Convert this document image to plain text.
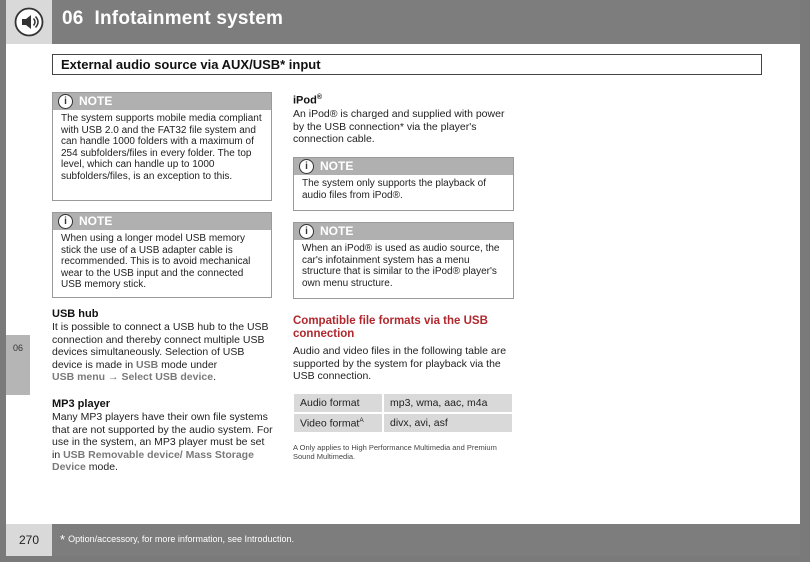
06 Infotainment system
External audio source via AUX/USB* input
06
i	NOTE
The system supports mobile media compliant with USB 2.0 and the FAT32 file system and can handle 1000 folders with a maximum of 254 subfolders/files in every folder. The top level, which can handle up to 1000 subfolders/files, is an exception to this.
i	NOTE
When using a longer model USB memory stick the use of a USB adapter cable is recommended. This is to avoid mechanical wear to the USB input and the connected USB memory stick.
USB hub
It is possible to connect a USB hub to the USB connection and thereby connect multiple USB devices simultaneously. Selection of USB device is made in USB mode under
USB menu → Select USB device.
MP3 player
Many MP3 players have their own file systems that are not supported by the audio system. For use in the system, an MP3 player must be set in USB Removable device/ Mass Storage Device mode.
iPod®
An iPod® is charged and supplied with power by the USB connection* via the player's connection cable.
i	NOTE
The system only supports the playback of audio files from iPod®.
i	NOTE
When an iPod® is used as audio source, the car's infotainment system has a menu structure that is similar to the iPod® player's own menu structure.
Compatible file formats via the USB connection
Audio and video files in the following table are supported by the system for playback via the USB connection.
Audio format	mp3, wma, aac, m4a
Video format$^A$	divx, avi, asf
A Only applies to High Performance Multimedia and Premium Sound Multimedia.
270	* Option/accessory, for more information, see Introduction.
